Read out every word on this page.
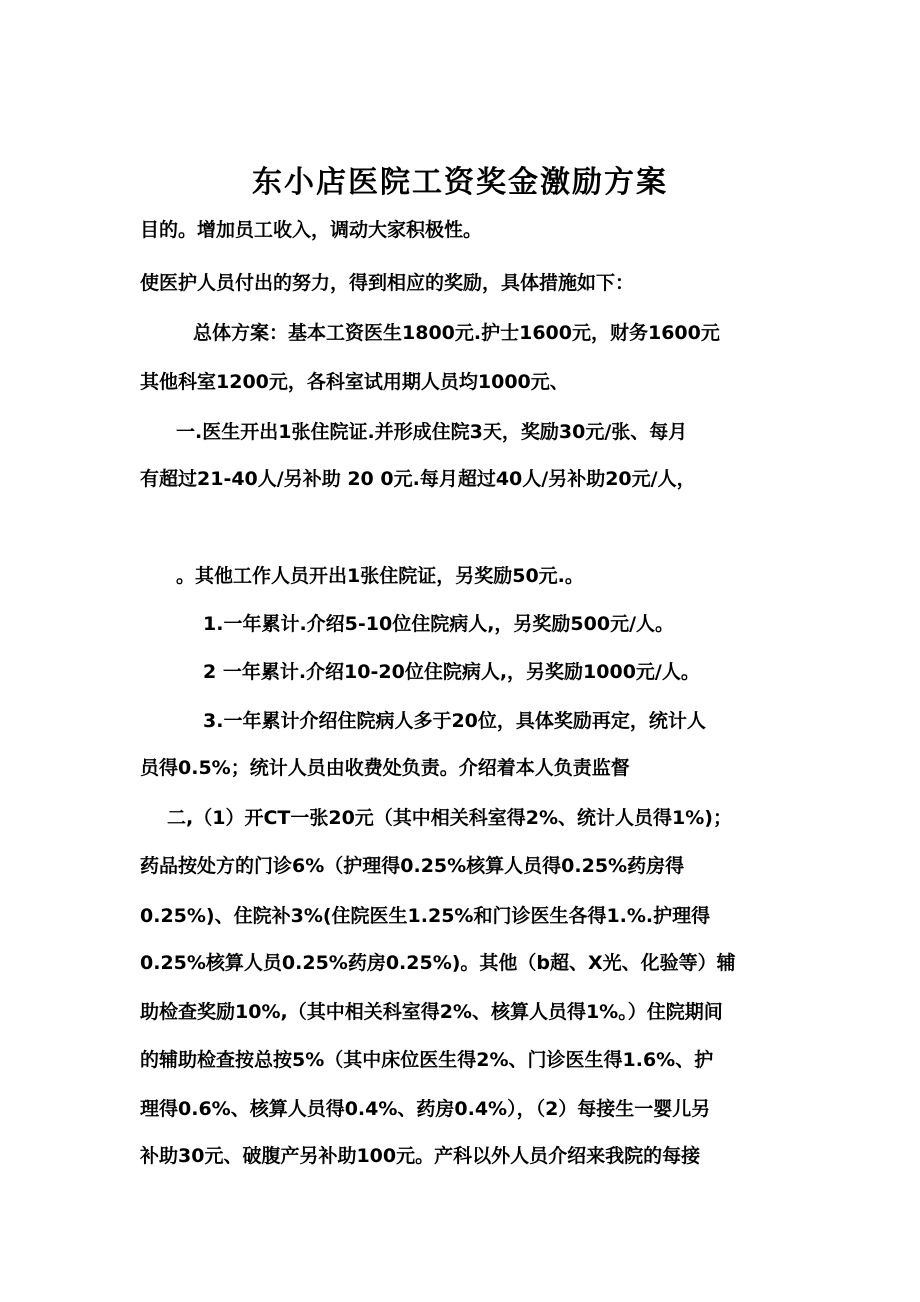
东小店医院工资奖金激励方案
目的。增加员工收入，调动大家积极性。
使医护人员付出的努力，得到相应的奖励，具体措施如下：
总体方案：基本工资医生1800元.护士1600元，财务1600元
其他科室1200元，各科室试用期人员均1000元、
一.医生开出1张住院证.并形成住院3天，奖励30元/张、每月
有超过21-40人/另补助 20 0元.每月超过40人/另补助20元/人，
。其他工作人员开出1张住院证，另奖励50元.。
1.一年累计.介绍5-10位住院病人,，另奖励500元/人。
2 一年累计.介绍10-20位住院病人,，另奖励1000元/人。
3.一年累计介绍住院病人多于20位，具体奖励再定，统计人
员得0.5%；统计人员由收费处负责。介绍着本人负责监督
二,（1）开CT一张20元（其中相关科室得2%、统计人员得1%)；
药品按处方的门诊6%（护理得0.25%核算人员得0.25%药房得
0.25%)、住院补3%(住院医生1.25%和门诊医生各得1.%.护理得
0.25%核算人员0.25%药房0.25%)。其他（b超、X光、化验等）辅
助检查奖励10%,（其中相关科室得2%、核算人员得1%。）住院期间
的辅助检查按总按5%（其中床位医生得2%、门诊医生得1.6%、护
理得0.6%、核算人员得0.4%、药房0.4%），（2）每接生一婴儿另
补助30元、破腹产另补助100元。产科以外人员介绍来我院的每接
